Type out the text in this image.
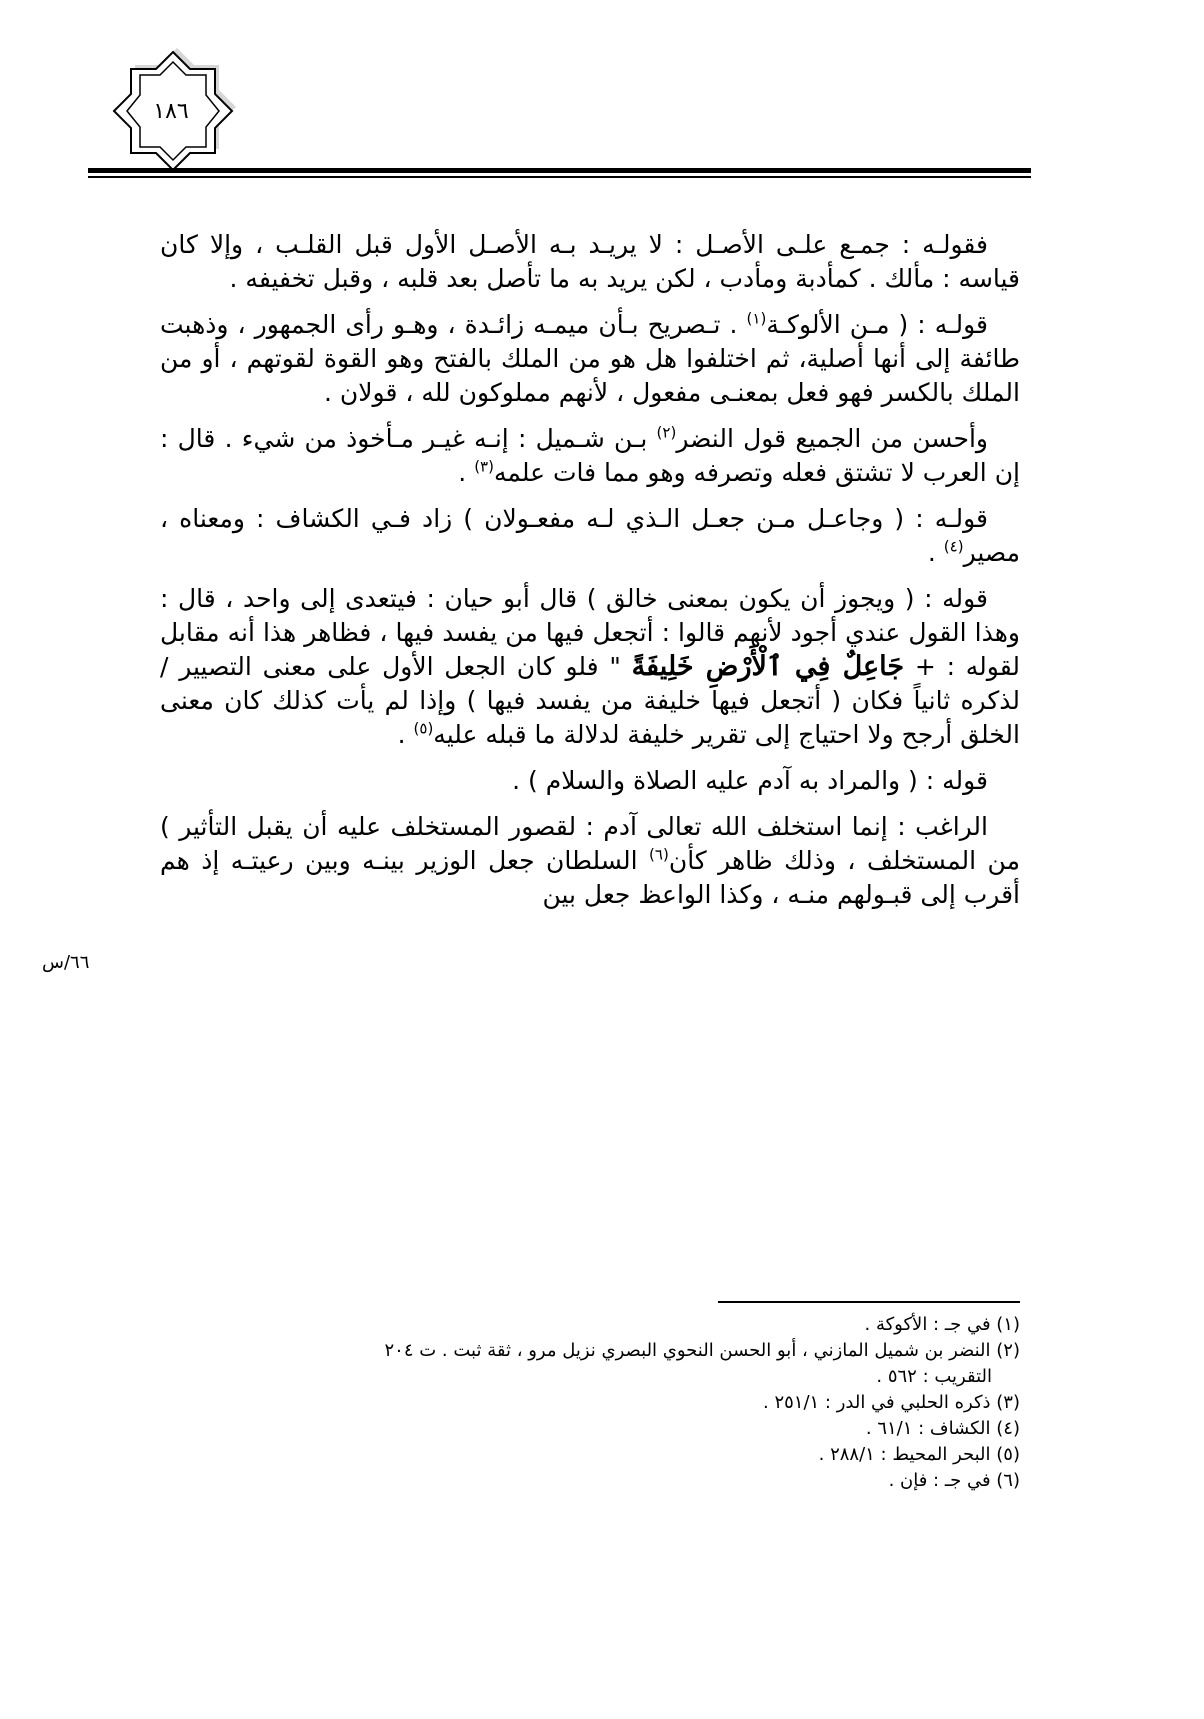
١٨٦

فقولـه : جمـع علـى الأصـل : لا يريـد بـه الأصـل الأول قبل القلـب ، وإلا كان قياسه : مألك . كمأدبة ومأدب ، لكن يريد به ما تأصل بعد قلبه ، وقبل تخفيفه .

قولـه : ( مـن الألوكـة$^{(١)}$ . تـصريح بـأن ميمـه زائـدة ، وهـو رأى الجمهور ، وذهبت طائفة إلى أنها أصلية، ثم اختلفوا هل هو من الملك بالفتح وهو القوة لقوتهم ، أو من الملك بالكسر فهو فعل بمعنـى مفعول ، لأنهم مملوكون لله ، قولان .

وأحسن من الجميع قول النضر$^{(٢)}$ بـن شـميل : إنـه غيـر مـأخوذ من شيء . قال : إن العرب لا تشتق فعله وتصرفه وهو مما فات علمه$^{(٣)}$ .

قولـه : ( وجاعـل مـن جعـل الـذي لـه مفعـولان ) زاد فـي الكشاف : ومعناه ، مصير$^{(٤)}$ .

قوله : ( ويجوز أن يكون بمعنى خالق ) قال أبو حيان : فيتعدى إلى واحد ، قال : وهذا القول عندي أجود لأنهم قالوا : أتجعل فيها من يفسد فيها ، فظاهر هذا أنه مقابل لقوله : + جَاعِلٌ فِي ٱلْأَرْضِ خَلِيفَةً " فلو كان الجعل الأول على معنى التصيير / لذكره ثانياً فكان ( أتجعل فيها خليفة من يفسد فيها ) وإذا لم يأت كذلك كان معنى الخلق أرجح ولا احتياج إلى تقرير خليفة لدلالة ما قبله عليه$^{(٥)}$ .

قوله : ( والمراد به آدم عليه الصلاة والسلام ) .

الراغب : إنما استخلف الله تعالى آدم : لقصور المستخلف عليه أن يقبل التأثير ) من المستخلف ، وذلك ظاهر كأن$^{(٦)}$ السلطان جعل الوزير بينـه وبين رعيتـه إذ هم أقرب إلى قبـولهم منـه ، وكذا الواعظ جعل بين

٦٦/س

(١) في جـ : الأكوكة .

(٢) النضر بن شميل المازني ، أبو الحسن النحوي البصري نزيل مرو ، ثقة ثبت . ت ٢٠٤

التقريب : ٥٦٢ .

(٣) ذكره الحلبي في الدر : ٢٥١/١ .

(٤) الكشاف : ٦١/١ .

(٥) البحر المحيط : ٢٨٨/١ .

(٦) في جـ : فإن .
